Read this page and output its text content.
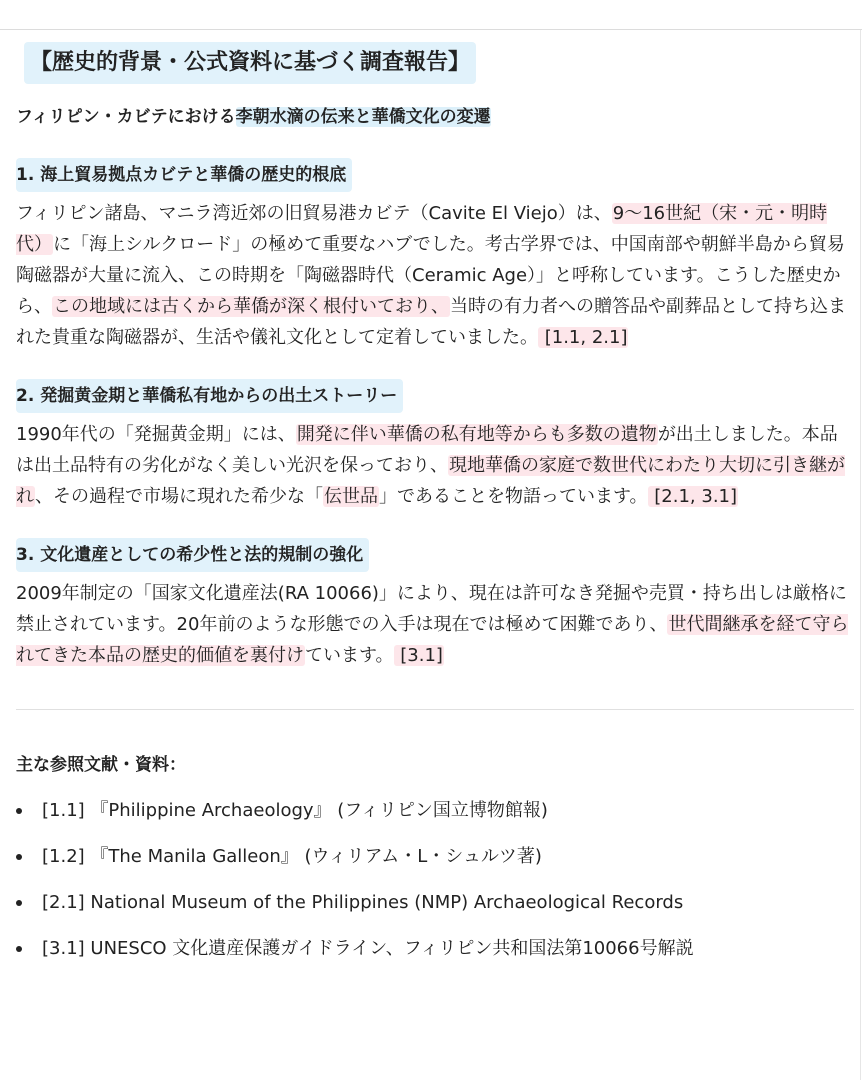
【歴史的背景・公式資料に基づく調査報告】
フィリピン・カビテにおける李朝水滴の伝来と華僑文化の変遷
1. 海上貿易拠点カビテと華僑の歴史的根底

フィリピン諸島、マニラ湾近郊の旧貿易港カビテ（Cavite El Viejo）は、9〜16世紀（宋・元・明時代）に「海上シルクロード」の極めて重要なハブでした。考古学界では、中国南部や朝鮮半島から貿易陶磁器が大量に流入、この時期を「陶磁器時代（Ceramic Age）」と呼称しています。こうした歴史から、この地域には古くから華僑が深く根付いており、当時の有力者への贈答品や副葬品として持ち込まれた貴重な陶磁器が、生活や儀礼文化として定着していました。 [1.1, 2.1]

2. 発掘黄金期と華僑私有地からの出土ストーリー

1990年代の「発掘黄金期」には、開発に伴い華僑の私有地等からも多数の遺物が出土しました。本品は出土品特有の劣化がなく美しい光沢を保っており、現地華僑の家庭で数世代にわたり大切に引き継がれ、その過程で市場に現れた希少な「伝世品」であることを物語っています。 [2.1, 3.1]

3. 文化遺産としての希少性と法的規制の強化

2009年制定の「国家文化遺産法(RA 10066)」により、現在は許可なき発掘や売買・持ち出しは厳格に禁止されています。20年前のような形態での入手は現在では極めて困難であり、世代間継承を経て守られてきた本品の歴史的価値を裏付けています。 [3.1]

主な参照文献・資料：
[1.1] 『Philippine Archaeology』 (フィリピン国立博物館報)
[1.2] 『The Manila Galleon』 (ウィリアム・L・シュルツ著)
[2.1] National Museum of the Philippines (NMP) Archaeological Records
[3.1] UNESCO 文化遺産保護ガイドライン、フィリピン共和国法第10066号解説
